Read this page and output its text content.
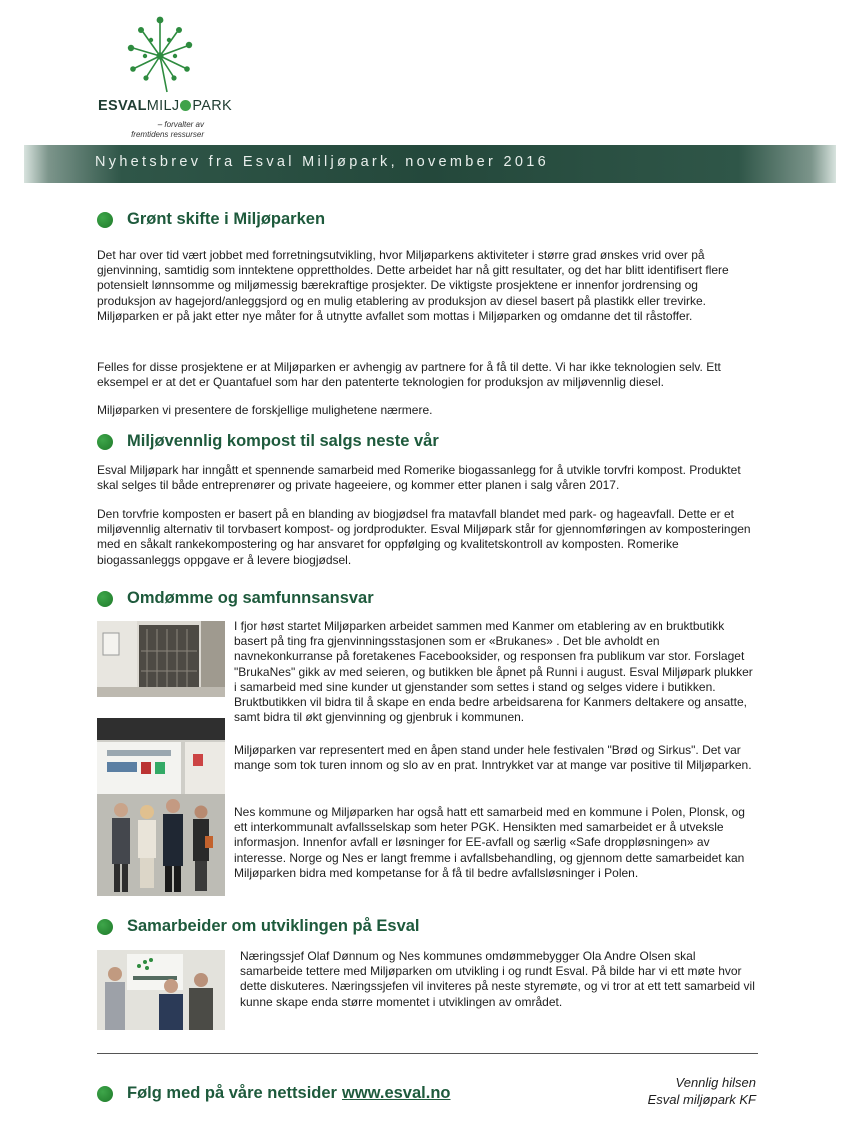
ESVALMILJ PARK
– forvalter av
fremtidens ressurser
Nyhetsbrev fra Esval Miljøpark, november 2016
Grønt skifte i Miljøparken

Det har over tid vært jobbet med forretningsutvikling, hvor Miljøparkens aktiviteter i større grad ønskes vrid over på gjenvinning, samtidig som inntektene opprettholdes. Dette arbeidet har nå gitt resultater, og det har blitt identifisert flere potensielt lønnsomme og miljømessig bærekraftige prosjekter. De viktigste prosjektene er innenfor jordrensing og produksjon av hagejord/anleggsjord og en mulig etablering av produksjon av diesel basert på plastikk eller trevirke. Miljøparken er på jakt etter nye måter for å utnytte avfallet som mottas i Miljøparken og omdanne det til råstoffer.

Felles for disse prosjektene er at Miljøparken er avhengig av partnere for å få til dette. Vi har ikke teknologien selv. Ett eksempel er at det er Quantafuel som har den patenterte teknologien for produksjon av miljøvennlig diesel.

Miljøparken vi presentere de forskjellige mulighetene nærmere.

Miljøvennlig kompost til salgs neste vår

Esval Miljøpark har inngått et spennende samarbeid med Romerike biogassanlegg for å utvikle torvfri kompost. Produktet skal selges til både entreprenører og private hageeiere, og kommer etter planen i salg våren 2017.

Den torvfrie komposten er basert på en blanding av biogjødsel fra matavfall blandet med park- og hageavfall. Dette er et miljøvennlig alternativ til torvbasert kompost- og jordprodukter. Esval Miljøpark står for gjennomføringen av komposteringen med en såkalt rankekompostering og har ansvaret for oppfølging og kvalitetskontroll av komposten. Romerike biogassanleggs oppgave er å levere biogjødsel.

Omdømme og samfunnsansvar

I fjor høst startet Miljøparken arbeidet sammen med Kanmer om etablering av en bruktbutikk basert på ting fra gjenvinningsstasjonen som er «Brukanes» . Det ble avholdt en navnekonkurranse på foretakenes Facebooksider, og responsen fra publikum var stor. Forslaget "BrukaNes" gikk av med seieren, og butikken ble åpnet på Runni i august. Esval Miljøpark plukker i samarbeid med sine kunder ut gjenstander som settes i stand og selges videre i butikken. Bruktbutikken vil bidra til å skape en enda bedre arbeidsarena for Kanmers deltakere og ansatte, samt bidra til økt gjenvinning og gjenbruk i kommunen.

Miljøparken var representert med en åpen stand under hele festivalen "Brød og Sirkus". Det var mange som tok turen innom og slo av en prat. Inntrykket var at mange var positive til Miljøparken.

Nes kommune og Miljøparken har også hatt ett samarbeid med en kommune i Polen, Plonsk, og ett interkommunalt avfallsselskap som heter PGK. Hensikten med samarbeidet er å utveksle informasjon. Innenfor avfall er løsninger for EE-avfall og særlig «Safe droppløsningen» av interesse. Norge og Nes er langt fremme i avfallsbehandling, og gjennom dette samarbeidet kan Miljøparken bidra med kompetanse for å få til bedre avfallsløsninger i Polen.

Samarbeider om utviklingen på Esval

Næringssjef Olaf Dønnum og Nes kommunes omdømmebygger Ola Andre Olsen skal samarbeide tettere med Miljøparken om utvikling i og rundt Esval. På bilde har vi ett møte hvor dette diskuteres. Næringssjefen vil inviteres på neste styremøte, og vi tror at ett tett samarbeid vil kunne skape enda større momentet i utviklingen av området.

Følg med på våre nettsider www.esval.no
Vennlig hilsen
Esval miljøpark KF
